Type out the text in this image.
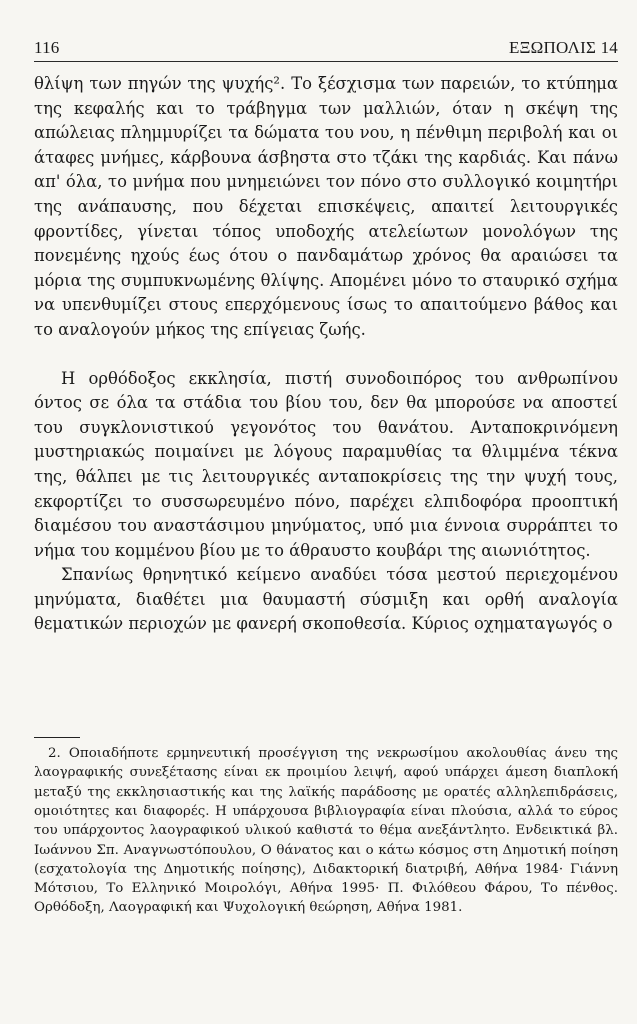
116	ΕΞΩΠΟΛΙΣ 14

θλίψη των πηγών της ψυχής². Το ξέσχισμα των παρειών, το κτύπημα της κεφαλής και το τράβηγμα των μαλλιών, όταν η σκέψη της απώλειας πλημμυρίζει τα δώματα του νου, η πένθιμη περιβολή και οι άταφες μνήμες, κάρβουνα άσβηστα στο τζάκι της καρδιάς. Και πάνω απ' όλα, το μνήμα που μνημειώνει τον πόνο στο συλλογικό κοιμητήρι της ανάπαυσης, που δέχεται επισκέψεις, απαιτεί λειτουργικές φροντίδες, γίνεται τόπος υποδοχής ατελείωτων μονολόγων της πονεμένης ηχούς έως ότου ο πανδαμάτωρ χρόνος θα αραιώσει τα μόρια της συμπυκνωμένης θλίψης. Απομένει μόνο το σταυρικό σχήμα να υπενθυμίζει στους επερχόμενους ίσως το απαιτούμενο βάθος και το αναλογούν μήκος της επίγειας ζωής.

Η ορθόδοξος εκκλησία, πιστή συνοδοιπόρος του ανθρωπίνου όντος σε όλα τα στάδια του βίου του, δεν θα μπορούσε να αποστεί του συγκλονιστικού γεγονότος του θανάτου. Ανταποκρινόμενη μυστηριακώς ποιμαίνει με λόγους παραμυθίας τα θλιμμένα τέκνα της, θάλπει με τις λειτουργικές ανταποκρίσεις της την ψυχή τους, εκφορτίζει το συσσωρευμένο πόνο, παρέχει ελπιδοφόρα προοπτική διαμέσου του αναστάσιμου μηνύματος, υπό μια έννοια συρράπτει το νήμα του κομμένου βίου με το άθραυστο κουβάρι της αιωνιότητος.

Σπανίως θρηνητικό κείμενο αναδύει τόσα μεστού περιεχομένου μηνύματα, διαθέτει μια θαυμαστή σύσμιξη και ορθή αναλογία θεματικών περιοχών με φανερή σκοποθεσία. Κύριος οχηματαγωγός ο

2. Οποιαδήποτε ερμηνευτική προσέγγιση της νεκρωσίμου ακολουθίας άνευ της λαογραφικής συνεξέτασης είναι εκ προιμίου λειψή, αφού υπάρχει άμεση διαπλοκή μεταξύ της εκκλησιαστικής και της λαϊκής παράδοσης με ορατές αλληλεπιδράσεις, ομοιότητες και διαφορές. Η υπάρχουσα βιβλιογραφία είναι πλούσια, αλλά το εύρος του υπάρχοντος λαογραφικού υλικού καθιστά το θέμα ανεξάντλητο. Ενδεικτικά βλ. Ιωάννου Σπ. Αναγνωστόπουλου, Ο θάνατος και ο κάτω κόσμος στη Δημοτική ποίηση (εσχατολογία της Δημοτικής ποίησης), Διδακτορική διατριβή, Αθήνα 1984· Γιάννη Μότσιου, Το Ελληνικό Μοιρολόγι, Αθήνα 1995· Π. Φιλόθεου Φάρου, Το πένθος. Ορθόδοξη, Λαογραφική και Ψυχολογική θεώρηση, Αθήνα 1981.
